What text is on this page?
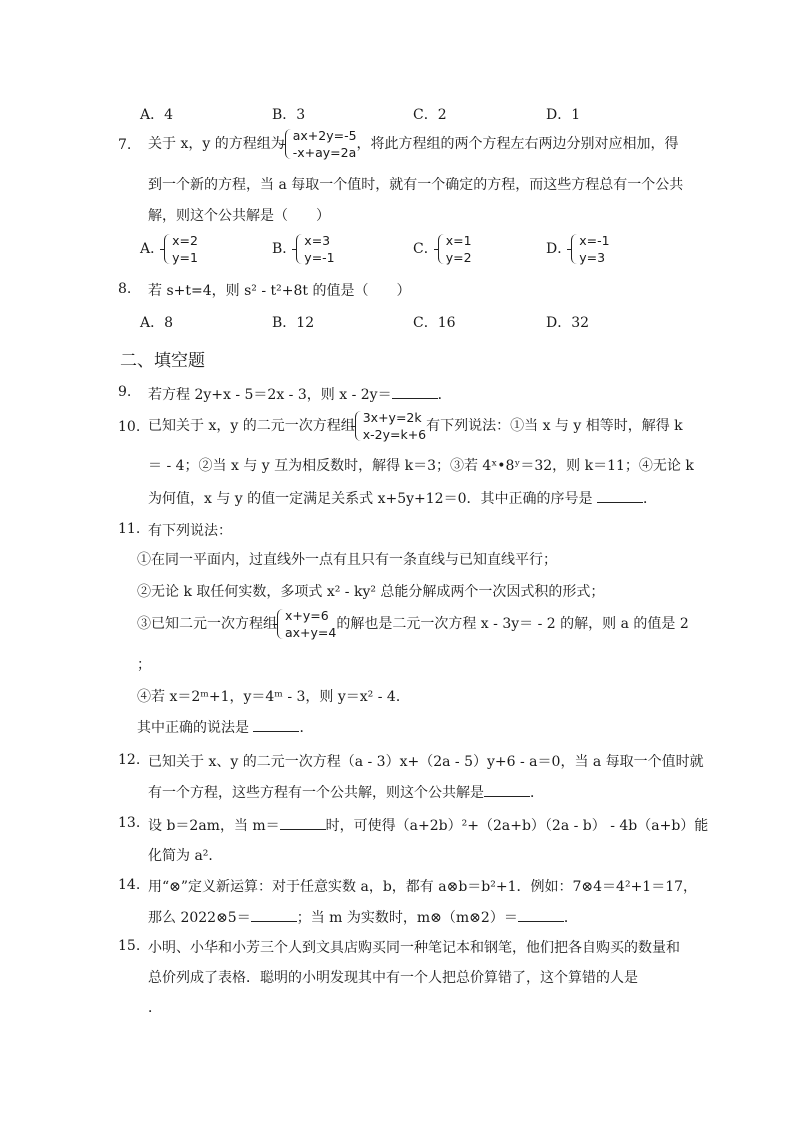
A．4	B．3	C．2	D．1
7.	关于 x，y 的方程组为
ax+2y=-5
-x+ay=2a
，将此方程组的两个方程左右两边分别对应相加，得
到一个新的方程，当 a 每取一个值时，就有一个确定的方程，而这些方程总有一个公共
解，则这个公共解是（　　）
A．
x=2
y=1
B．
x=3
y=-1
C．
x=1
y=2
D．
x=-1
y=3
8.	若 s+t=4，则 s² - t²+8t 的值是（　　）
A．8	B．12	C．16	D．32
二、填空题
9.	若方程 2y+x - 5＝2x - 3，则 x - 2y＝	．
10. 已知关于 x，y 的二元一次方程组
3x+y=2k
x-2y=k+6
有下列说法：①当 x 与 y 相等时，解得 k
＝ - 4；②当 x 与 y 互为相反数时，解得 k＝3；③若 4ˣ•8ʸ＝32，则 k＝11；④无论 k
为何值，x 与 y 的值一定满足关系式 x+5y+12＝0．其中正确的序号是	．
11. 有下列说法：
①在同一平面内，过直线外一点有且只有一条直线与已知直线平行；
②无论 k 取任何实数，多项式 x² - ky² 总能分解成两个一次因式积的形式；
③已知二元一次方程组
x+y=6
ax+y=4
的解也是二元一次方程 x - 3y＝ - 2 的解，则 a 的值是 2
；
④若 x＝2ᵐ+1，y＝4ᵐ - 3，则 y＝x² - 4．
其中正确的说法是	．
12. 已知关于 x、y 的二元一次方程（a - 3）x+（2a - 5）y+6 - a＝0，当 a 每取一个值时就
有一个方程，这些方程有一个公共解，则这个公共解是	．
13. 设 b＝2am，当 m＝	时，可使得（a+2b）²+（2a+b）（2a - b） - 4b（a+b）能
化简为 a²．
14. 用“⊗”定义新运算：对于任意实数 a，b，都有 a⊗b＝b²+1．例如：7⊗4＝4²+1＝17，
那么 2022⊗5＝	；当 m 为实数时，m⊗（m⊗2）＝	．
15. 小明、小华和小芳三个人到文具店购买同一种笔记本和钢笔，他们把各自购买的数量和
总价列成了表格．聪明的小明发现其中有一个人把总价算错了，这个算错的人是
．
